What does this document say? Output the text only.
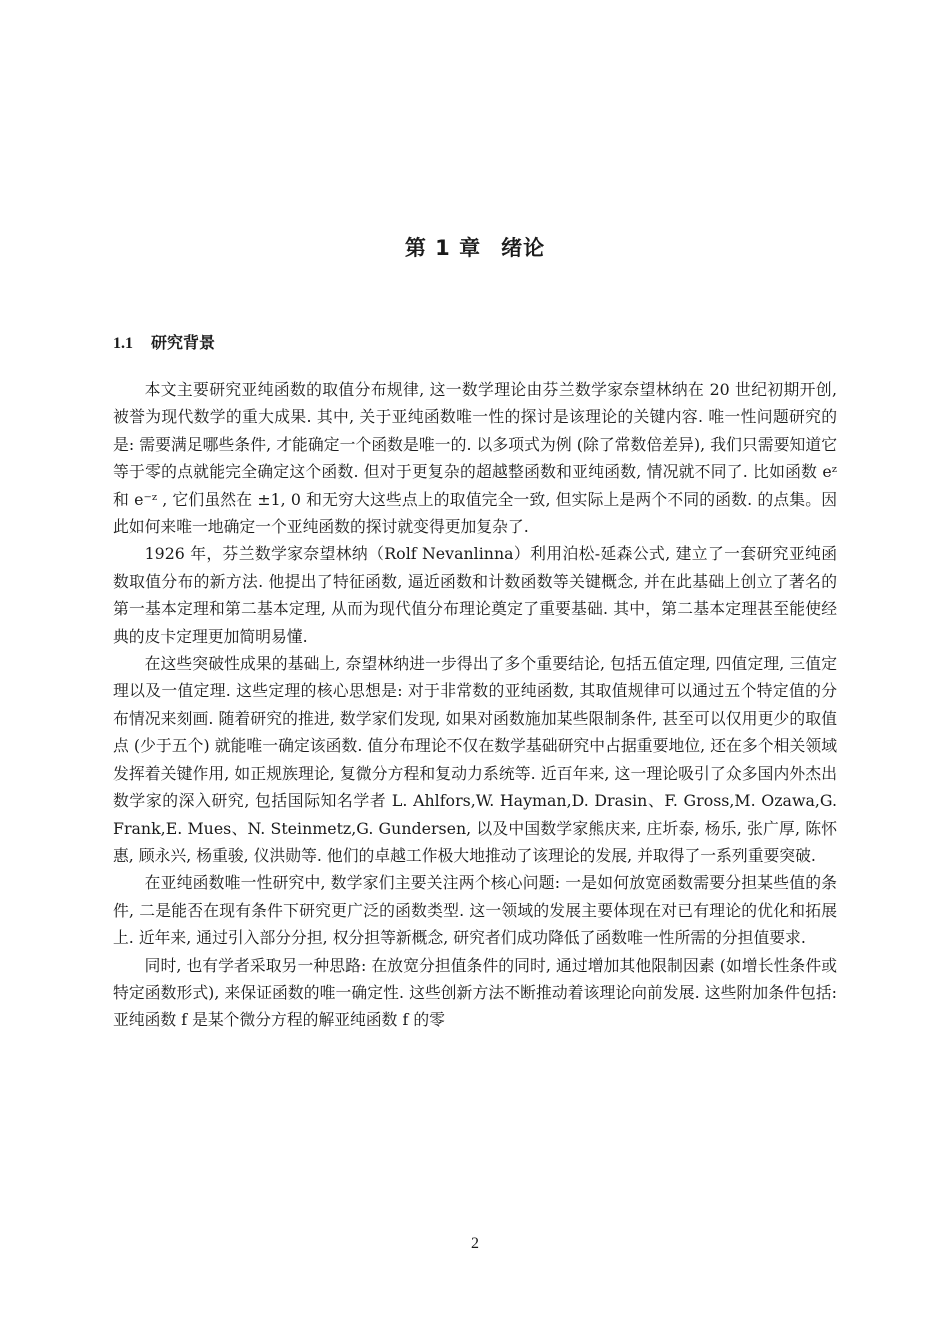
第 1 章 绪论
1.1 研究背景

本文主要研究亚纯函数的取值分布规律, 这一数学理论由芬兰数学家奈望林纳在 20 世纪初期开创, 被誉为现代数学的重大成果. 其中, 关于亚纯函数唯一性的探讨是该理论的关键内容. 唯一性问题研究的是: 需要满足哪些条件, 才能确定一个函数是唯一的. 以多项式为例 (除了常数倍差异), 我们只需要知道它等于零的点就能完全确定这个函数. 但对于更复杂的超越整函数和亚纯函数, 情况就不同了. 比如函数 eᶻ 和 e⁻ᶻ , 它们虽然在 ±1, 0 和无穷大这些点上的取值完全一致, 但实际上是两个不同的函数. 的点集。因此如何来唯一地确定一个亚纯函数的探讨就变得更加复杂了.

1926 年，芬兰数学家奈望林纳（Rolf Nevanlinna）利用泊松-延森公式, 建立了一套研究亚纯函数取值分布的新方法. 他提出了特征函数, 逼近函数和计数函数等关键概念, 并在此基础上创立了著名的第一基本定理和第二基本定理, 从而为现代值分布理论奠定了重要基础. 其中，第二基本定理甚至能使经典的皮卡定理更加简明易懂.

在这些突破性成果的基础上, 奈望林纳进一步得出了多个重要结论, 包括五值定理, 四值定理, 三值定理以及一值定理. 这些定理的核心思想是: 对于非常数的亚纯函数, 其取值规律可以通过五个特定值的分布情况来刻画. 随着研究的推进, 数学家们发现, 如果对函数施加某些限制条件, 甚至可以仅用更少的取值点 (少于五个) 就能唯一确定该函数. 值分布理论不仅在数学基础研究中占据重要地位, 还在多个相关领域发挥着关键作用, 如正规族理论, 复微分方程和复动力系统等. 近百年来, 这一理论吸引了众多国内外杰出数学家的深入研究, 包括国际知名学者 L. Ahlfors,W. Hayman,D. Drasin、F. Gross,M. Ozawa,G. Frank,E. Mues、N. Steinmetz,G. Gundersen, 以及中国数学家熊庆来, 庄圻泰, 杨乐, 张广厚, 陈怀惠, 顾永兴, 杨重骏, 仪洪勋等. 他们的卓越工作极大地推动了该理论的发展, 并取得了一系列重要突破.

在亚纯函数唯一性研究中, 数学家们主要关注两个核心问题: 一是如何放宽函数需要分担某些值的条件, 二是能否在现有条件下研究更广泛的函数类型. 这一领域的发展主要体现在对已有理论的优化和拓展上. 近年来, 通过引入部分分担, 权分担等新概念, 研究者们成功降低了函数唯一性所需的分担值要求.

同时, 也有学者采取另一种思路: 在放宽分担值条件的同时, 通过增加其他限制因素 (如增长性条件或特定函数形式), 来保证函数的唯一确定性. 这些创新方法不断推动着该理论向前发展. 这些附加条件包括: 亚纯函数 f 是某个微分方程的解亚纯函数 f 的零

2
